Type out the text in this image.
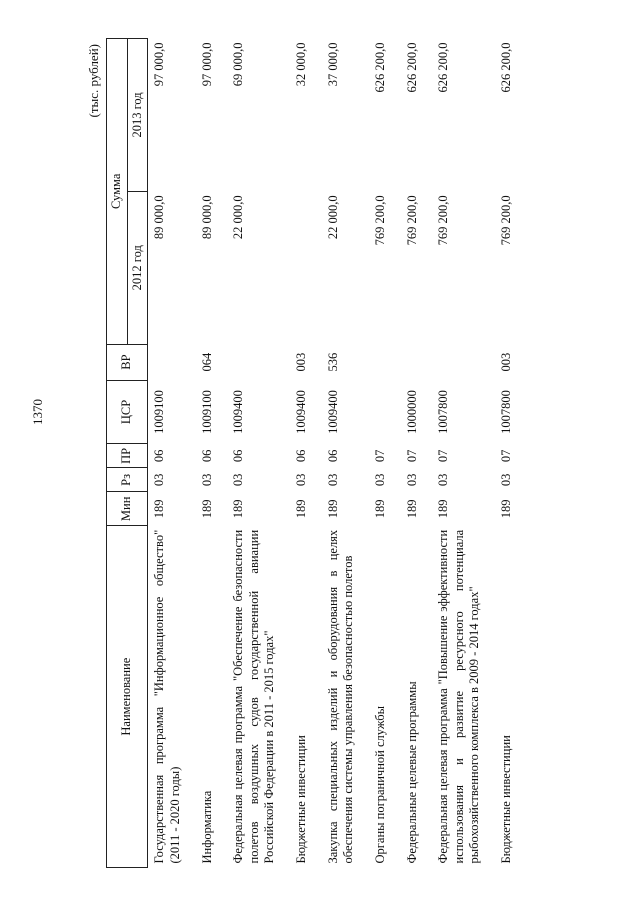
1370
(тыс. рублей)
Наименование	Мин	Рз	ПР	ЦСР	ВР	Сумма	
						2012 год	2013 год
Государственная программа "Информационное общество" (2011 - 2020 годы)	189	03	06	1009100		89 000,0	97 000,0
Информатика	189	03	06	1009100	064	89 000,0	97 000,0
Федеральная целевая программа "Обеспечение безопасности полетов воздушных судов государственной авиации Российской Федерации в 2011 - 2015 годах"	189	03	06	1009400		22 000,0	69 000,0
Бюджетные инвестиции	189	03	06	1009400	003		32 000,0
Закупка специальных изделий и оборудования в целях обеспечения системы управления безопасностью полетов	189	03	06	1009400	536	22 000,0	37 000,0
Органы пограничной службы	189	03	07			769 200,0	626 200,0
Федеральные целевые программы	189	03	07	1000000		769 200,0	626 200,0
Федеральная целевая программа "Повышение эффективности использования и развитие ресурсного потенциала рыбохозяйственного комплекса в 2009 - 2014 годах"	189	03	07	1007800		769 200,0	626 200,0
Бюджетные инвестиции	189	03	07	1007800	003	769 200,0	626 200,0
